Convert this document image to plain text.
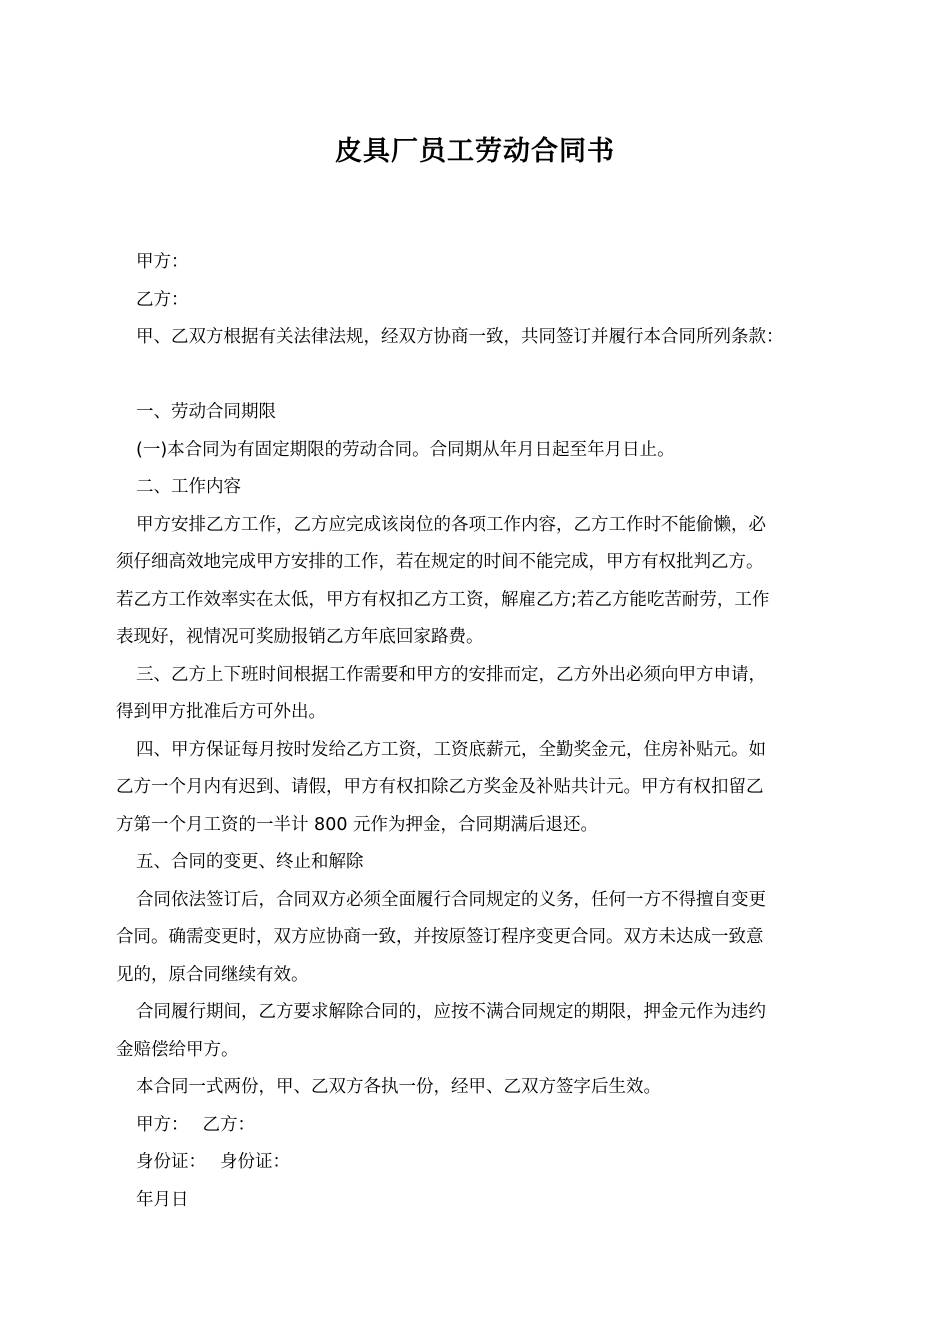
皮具厂员工劳动合同书

甲方：

乙方：

甲、乙双方根据有关法律法规，经双方协商一致，共同签订并履行本合同所列条款：

一、劳动合同期限

(一)本合同为有固定期限的劳动合同。合同期从年月日起至年月日止。

二、工作内容

甲方安排乙方工作，乙方应完成该岗位的各项工作内容，乙方工作时不能偷懒，必

须仔细高效地完成甲方安排的工作，若在规定的时间不能完成，甲方有权批判乙方。

若乙方工作效率实在太低，甲方有权扣乙方工资，解雇乙方;若乙方能吃苦耐劳，工作

表现好，视情况可奖励报销乙方年底回家路费。

三、乙方上下班时间根据工作需要和甲方的安排而定，乙方外出必须向甲方申请，

得到甲方批准后方可外出。

四、甲方保证每月按时发给乙方工资，工资底薪元，全勤奖金元，住房补贴元。如

乙方一个月内有迟到、请假，甲方有权扣除乙方奖金及补贴共计元。甲方有权扣留乙

方第一个月工资的一半计 800 元作为押金，合同期满后退还。

五、合同的变更、终止和解除

合同依法签订后，合同双方必须全面履行合同规定的义务，任何一方不得擅自变更

合同。确需变更时，双方应协商一致，并按原签订程序变更合同。双方未达成一致意

见的，原合同继续有效。

合同履行期间，乙方要求解除合同的，应按不满合同规定的期限，押金元作为违约

金赔偿给甲方。

本合同一式两份，甲、乙双方各执一份，经甲、乙双方签字后生效。

甲方： 乙方：

身份证： 身份证：

年月日
